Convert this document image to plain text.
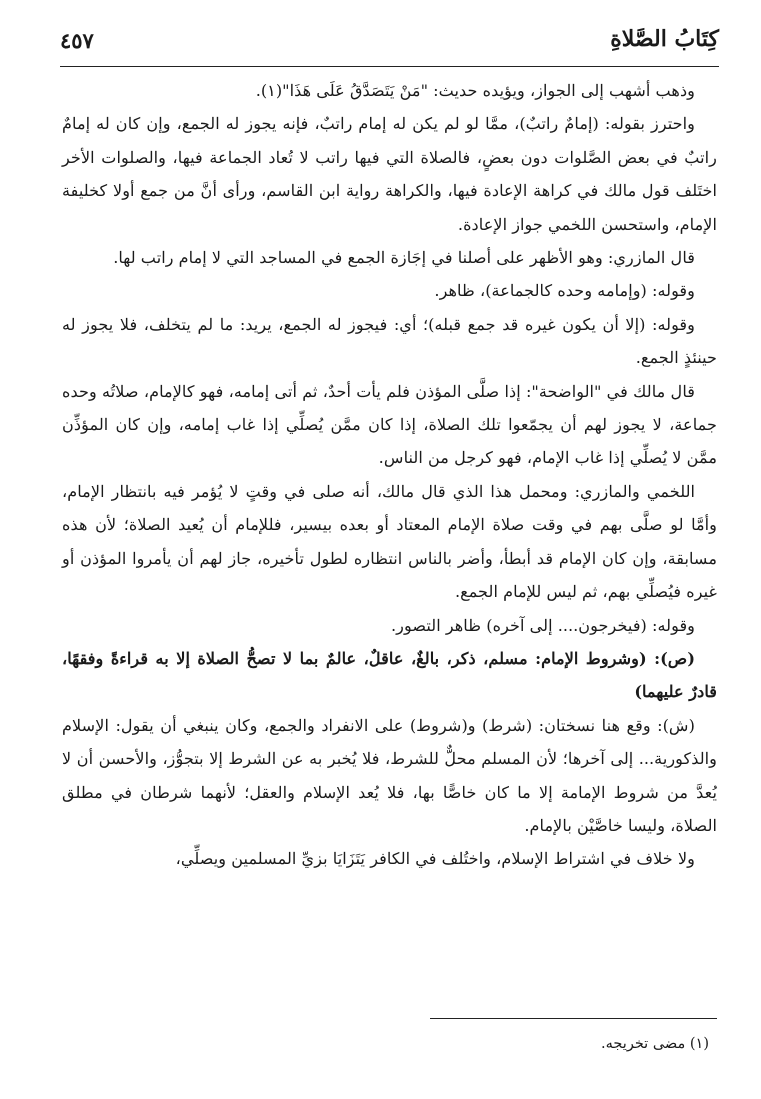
٤٥٧	كِتَابُ الصَّلاةِ

وذهب أشهب إلى الجواز، ويؤيده حديث: "مَنْ يَتَصَدَّقُ عَلَى هَذَا"(١).

واحترز بقوله: (إمامٌ راتبٌ)، ممَّا لو لم يكن له إمام راتبٌ، فإنه يجوز له الجمع، وإن كان له إمامٌ راتبٌ في بعض الصَّلوات دون بعضٍ، فالصلاة التي فيها راتب لا تُعاد الجماعة فيها، والصلوات الأخر اختَلف قول مالك في كراهة الإعادة فيها، والكراهة رواية ابن القاسم، ورأى أنَّ من جمع أولا كخليفة الإمام، واستحسن اللخمي جواز الإعادة.

قال المازري: وهو الأظهر على أصلنا في إجَازة الجمع في المساجد التي لا إمام راتب لها.

وقوله: (وإمامه وحده كالجماعة)، ظاهر.

وقوله: (إلا أن يكون غيره قد جمع قبله)؛ أي: فيجوز له الجمع، يريد: ما لم يتخلف، فلا يجوز له حينئذٍ الجمع.

قال مالك في "الواضحة": إذا صلَّى المؤذن فلم يأت أحدٌ، ثم أتى إمامه، فهو كالإمام، صلاتُه وحده جماعة، لا يجوز لهم أن يجمّعوا تلك الصلاة، إذا كان ممَّن يُصلِّي إذا غاب إمامه، وإن كان المؤذِّن ممَّن لا يُصلِّي إذا غاب الإمام، فهو كرجل من الناس.

اللخمي والمازري: ومحمل هذا الذي قال مالك، أنه صلى في وقتٍ لا يُؤمر فيه بانتظار الإمام، وأمَّا لو صلَّى بهم في وقت صلاة الإمام المعتاد أو بعده بيسير، فللإمام أن يُعيد الصلاة؛ لأن هذه مسابقة، وإن كان الإمام قد أبطأ، وأضر بالناس انتظاره لطول تأخيره، جاز لهم أن يأمروا المؤذن أو غيره فيُصلِّي بهم، ثم ليس للإمام الجمع.

وقوله: (فيخرجون.... إلى آخره) ظاهر التصور.

(ص): (وشروط الإمام: مسلم، ذكر، بالغٌ، عاقلٌ، عالمٌ بما لا تصحُّ الصلاة إلا به قراءةً وفقهًا، قادرٌ عليهما)

(ش): وقع هنا نسختان: (شرط) و(شروط) على الانفراد والجمع، وكان ينبغي أن يقول: الإسلام والذكورية... إلى آخرها؛ لأن المسلم محلٌّ للشرط، فلا يُخبر به عن الشرط إلا بتجوُّز، والأحسن أن لا يُعدَّ من شروط الإمامة إلا ما كان خاصًّا بها، فلا يُعد الإسلام والعقل؛ لأنهما شرطان في مطلق الصلاة، وليسا خاصَّيْن بالإمام.

ولا خلاف في اشتراط الإسلام، واختُلف في الكافر يَتَزَايَا بزيِّ المسلمين ويصلِّي،

(١) مضى تخريجه.
